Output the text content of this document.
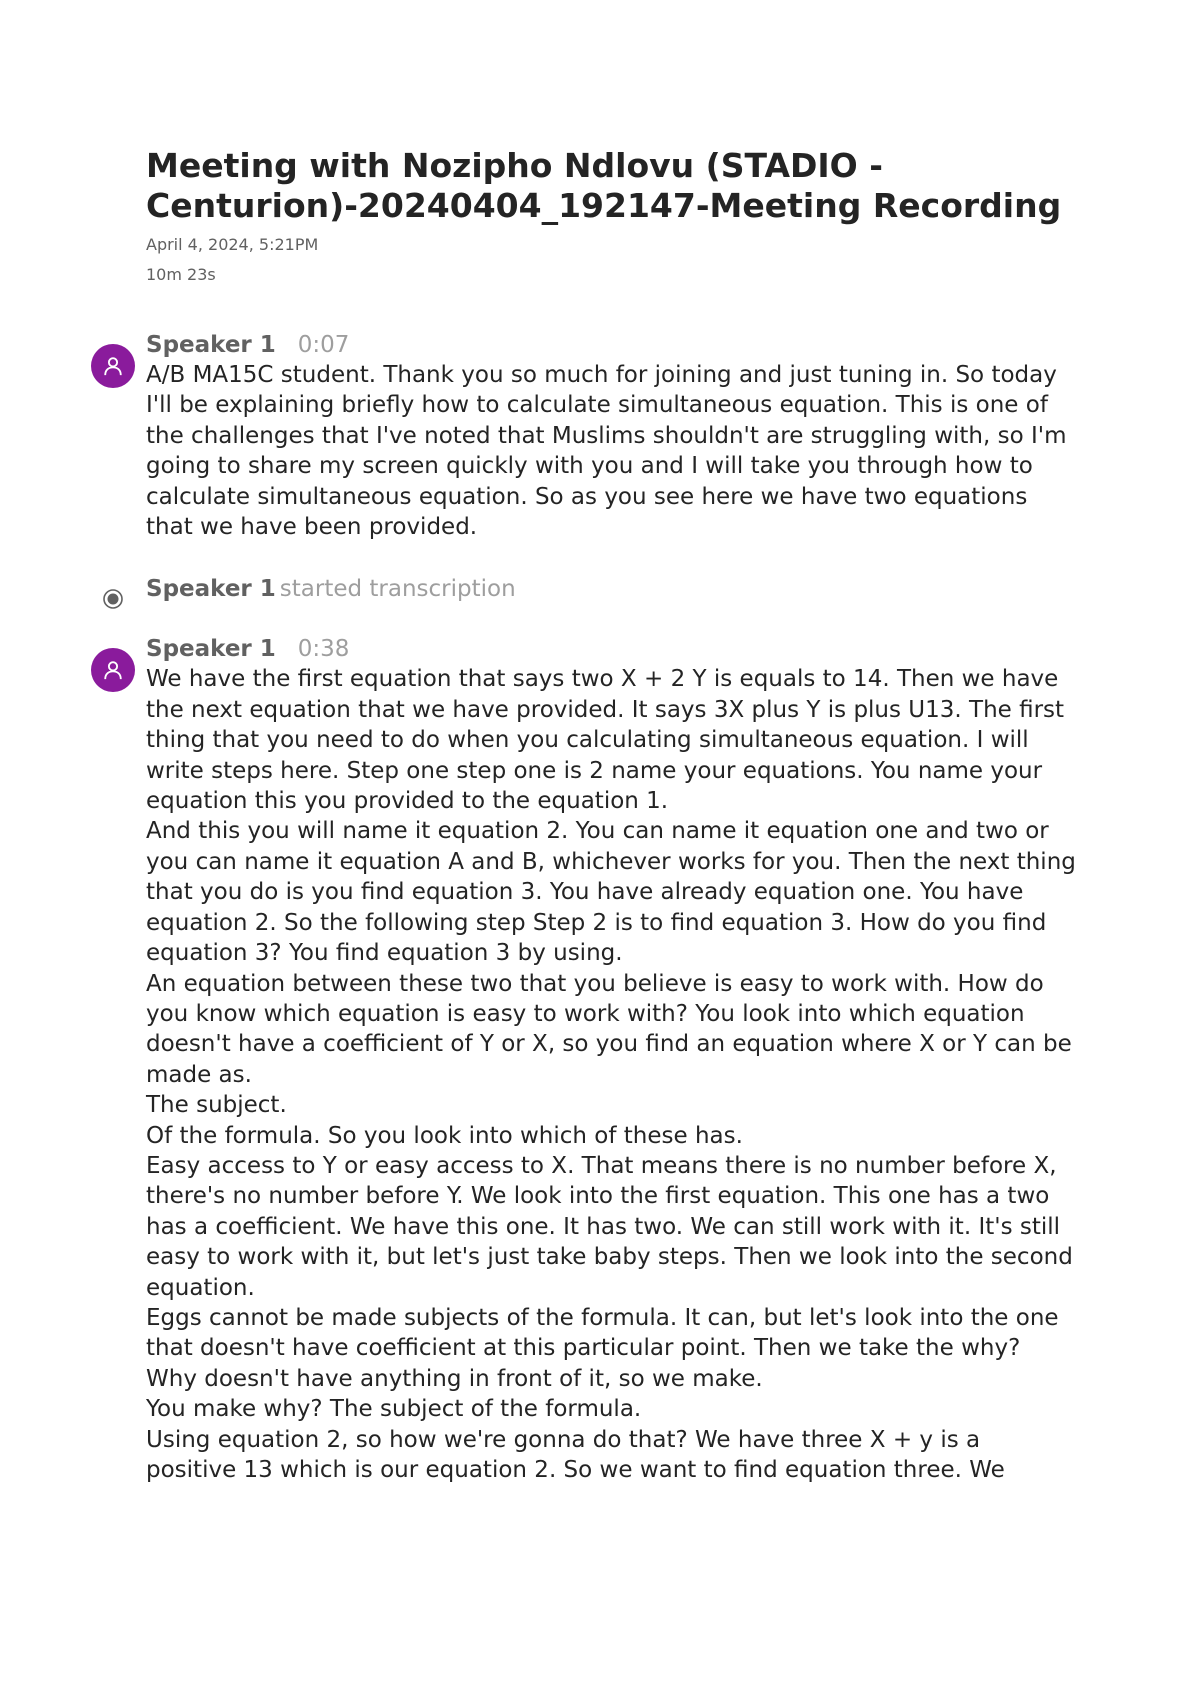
Meeting with Nozipho Ndlovu (STADIO - Centurion)-20240404_192147-Meeting Recording
April 4, 2024, 5:21PM
10m 23s
Speaker 1 0:07

A/B MA15C student. Thank you so much for joining and just tuning in. So today I'll be explaining briefly how to calculate simultaneous equation. This is one of the challenges that I've noted that Muslims shouldn't are struggling with, so I'm going to share my screen quickly with you and I will take you through how to calculate simultaneous equation. So as you see here we have two equations that we have been provided.

Speaker 1 started transcription
Speaker 1 0:38

We have the first equation that says two X + 2 Y is equals to 14. Then we have the next equation that we have provided. It says 3X plus Y is plus U13. The first thing that you need to do when you calculating simultaneous equation. I will write steps here. Step one step one is 2 name your equations. You name your equation this you provided to the equation 1.

And this you will name it equation 2. You can name it equation one and two or you can name it equation A and B, whichever works for you. Then the next thing that you do is you find equation 3. You have already equation one. You have equation 2. So the following step Step 2 is to find equation 3. How do you find equation 3? You find equation 3 by using.

An equation between these two that you believe is easy to work with. How do you know which equation is easy to work with? You look into which equation doesn't have a coefficient of Y or X, so you find an equation where X or Y can be made as.

The subject.

Of the formula. So you look into which of these has.

Easy access to Y or easy access to X. That means there is no number before X, there's no number before Y. We look into the first equation. This one has a two has a coefficient. We have this one. It has two. We can still work with it. It's still easy to work with it, but let's just take baby steps. Then we look into the second equation.

Eggs cannot be made subjects of the formula. It can, but let's look into the one that doesn't have coefficient at this particular point. Then we take the why? Why doesn't have anything in front of it, so we make.

You make why? The subject of the formula.

Using equation 2, so how we're gonna do that? We have three X + y is a positive 13 which is our equation 2. So we want to find equation three. We
